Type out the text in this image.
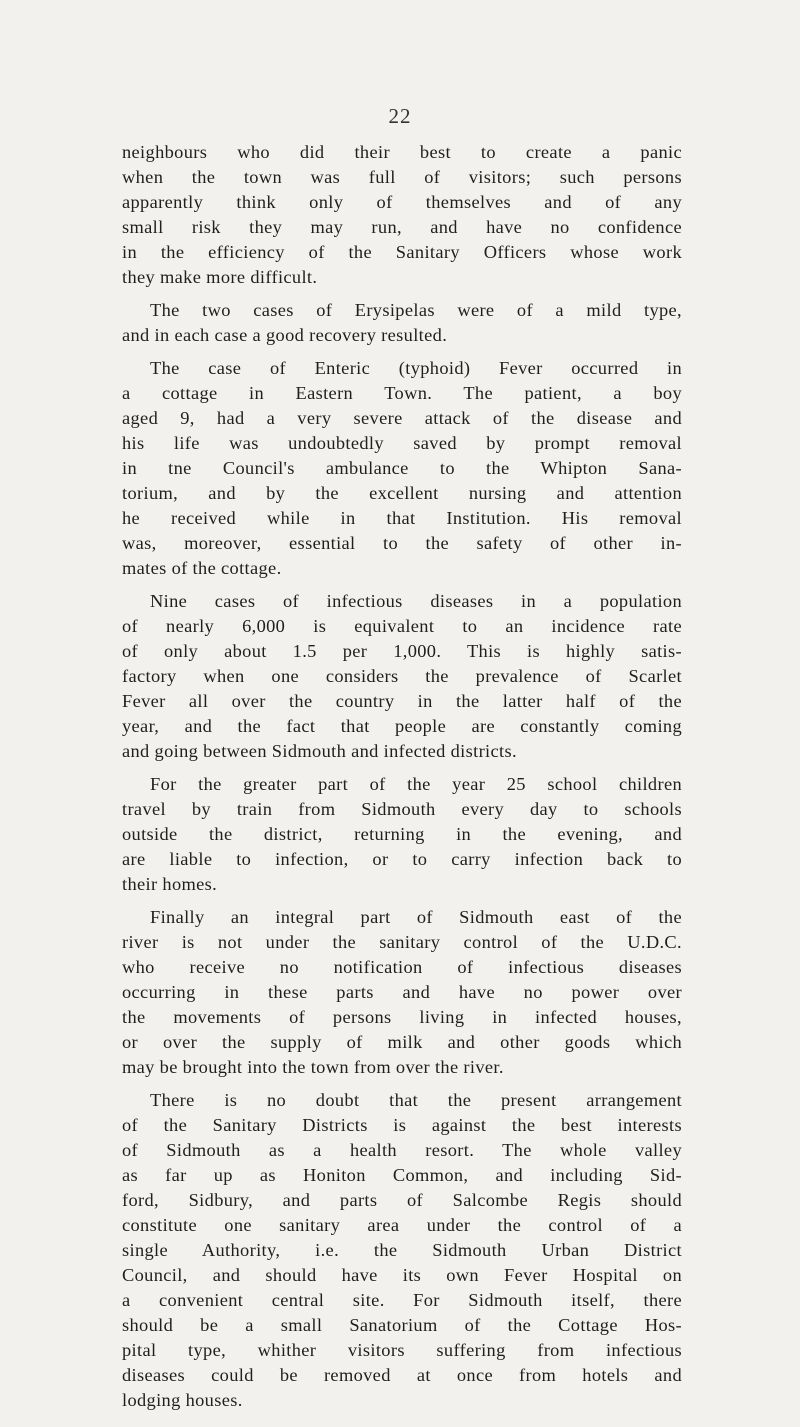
22
neighbours who did their best to create a panic
when the town was full of visitors; such persons
apparently think only of themselves and of any
small risk they may run, and have no confidence
in the efficiency of the Sanitary Officers whose work
they make more difficult.
The two cases of Erysipelas were of a mild type,
and in each case a good recovery resulted.
The case of Enteric (typhoid) Fever occurred in
a cottage in Eastern Town. The patient, a boy
aged 9, had a very severe attack of the disease and
his life was undoubtedly saved by prompt removal
in tne Council's ambulance to the Whipton Sana-
torium, and by the excellent nursing and attention
he received while in that Institution. His removal
was, moreover, essential to the safety of other in-
mates of the cottage.
Nine cases of infectious diseases in a population
of nearly 6,000 is equivalent to an incidence rate
of only about 1.5 per 1,000. This is highly satis-
factory when one considers the prevalence of Scarlet
Fever all over the country in the latter half of the
year, and the fact that people are constantly coming
and going between Sidmouth and infected districts.
For the greater part of the year 25 school children
travel by train from Sidmouth every day to schools
outside the district, returning in the evening, and
are liable to infection, or to carry infection back to
their homes.
Finally an integral part of Sidmouth east of the
river is not under the sanitary control of the U.D.C.
who receive no notification of infectious diseases
occurring in these parts and have no power over
the movements of persons living in infected houses,
or over the supply of milk and other goods which
may be brought into the town from over the river.
There is no doubt that the present arrangement
of the Sanitary Districts is against the best interests
of Sidmouth as a health resort. The whole valley
as far up as Honiton Common, and including Sid-
ford, Sidbury, and parts of Salcombe Regis should
constitute one sanitary area under the control of a
single Authority, i.e. the Sidmouth Urban District
Council, and should have its own Fever Hospital on
a convenient central site. For Sidmouth itself, there
should be a small Sanatorium of the Cottage Hos-
pital type, whither visitors suffering from infectious
diseases could be removed at once from hotels and
lodging houses.
